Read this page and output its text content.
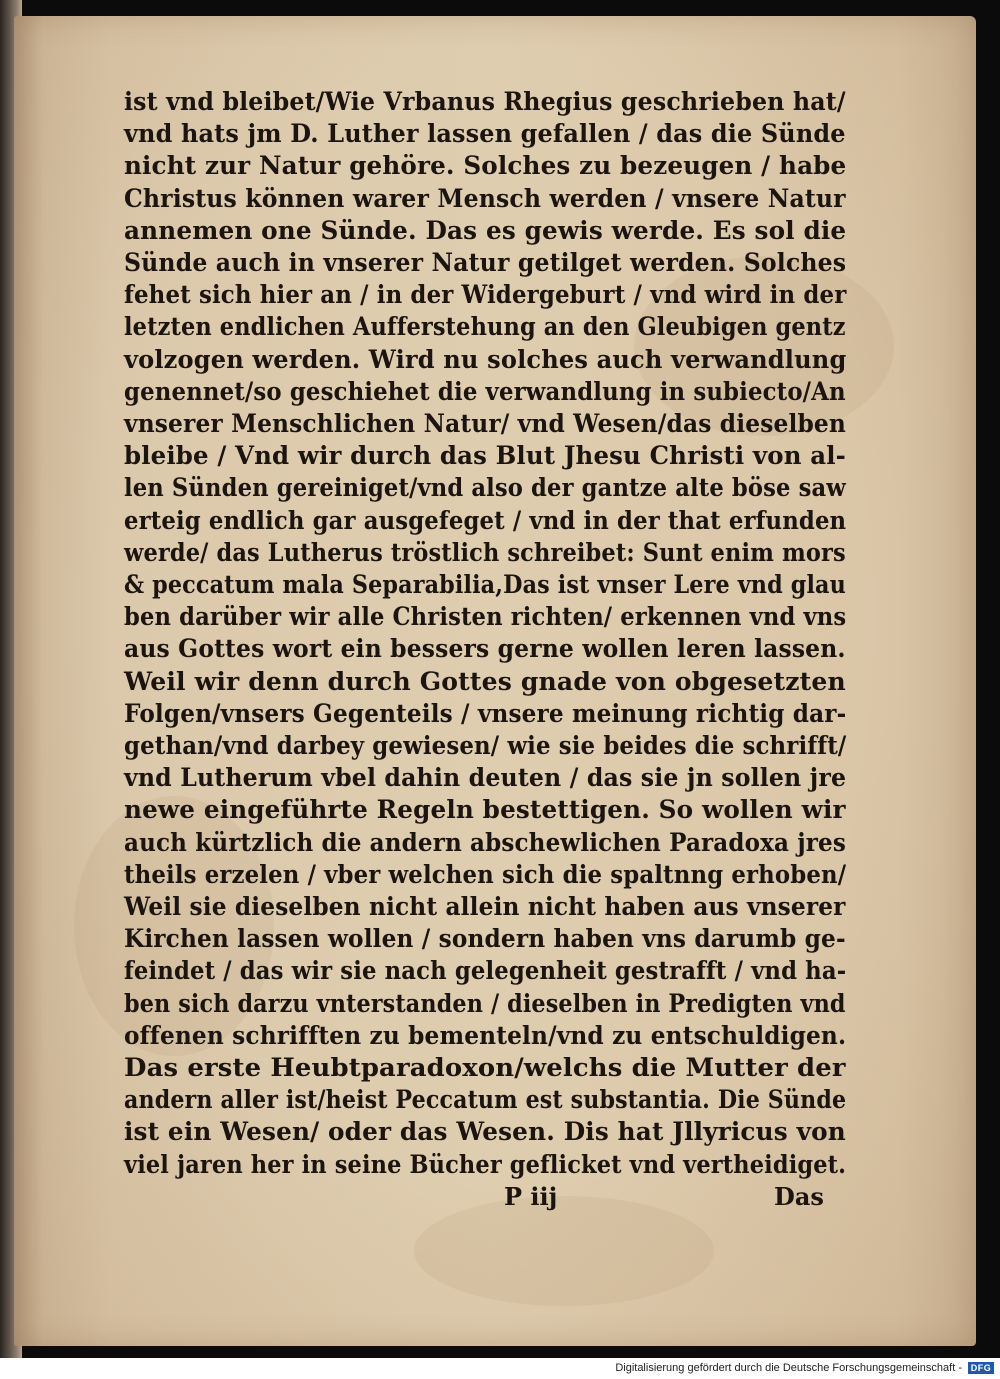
P iij	Das
ist vnd bleibet/Wie Vrbanus Rhegius geschrieben hat/
vnd hats jm D. Luther lassen gefallen / das die Sünde
nicht zur Natur gehöre. Solches zu bezeugen / habe
Christus können warer Mensch werden / vnsere Natur
annemen one Sünde. Das es gewis werde. Es sol die
Sünde auch in vnserer Natur getilget werden. Solches
fehet sich hier an / in der Widergeburt / vnd wird in der
letzten endlichen Aufferstehung an den Gleubigen gentz
volzogen werden. Wird nu solches auch verwandlung
genennet/so geschiehet die verwandlung in subiecto/An
vnserer Menschlichen Natur/ vnd Wesen/das dieselben
bleibe / Vnd wir durch das Blut Jhesu Christi von al-
len Sünden gereiniget/vnd also der gantze alte böse saw
erteig endlich gar ausgefeget / vnd in der that erfunden
werde/ das Lutherus tröstlich schreibet: Sunt enim mors
& peccatum mala Separabilia,Das ist vnser Lere vnd glau
ben darüber wir alle Christen richten/ erkennen vnd vns
aus Gottes wort ein bessers gerne wollen leren lassen.
Weil wir denn durch Gottes gnade von obgesetzten
Folgen/vnsers Gegenteils / vnsere meinung richtig dar-
gethan/vnd darbey gewiesen/ wie sie beides die schrifft/
vnd Lutherum vbel dahin deuten / das sie jn sollen jre
newe eingeführte Regeln bestettigen. So wollen wir
auch kürtzlich die andern abschewlichen Paradoxa jres
theils erzelen / vber welchen sich die spaltnng erhoben/
Weil sie dieselben nicht allein nicht haben aus vnserer
Kirchen lassen wollen / sondern haben vns darumb ge-
feindet / das wir sie nach gelegenheit gestrafft / vnd ha-
ben sich darzu vnterstanden / dieselben in Predigten vnd
offenen schrifften zu bementeln/vnd zu entschuldigen.
Das erste Heubtparadoxon/welchs die Mutter der
andern aller ist/heist Peccatum est substantia. Die Sünde
ist ein Wesen/ oder das Wesen. Dis hat Jllyricus von
viel jaren her in seine Bücher geflicket vnd vertheidiget.
Digitalisierung gefördert durch die Deutsche Forschungsgemeinschaft - DFG
